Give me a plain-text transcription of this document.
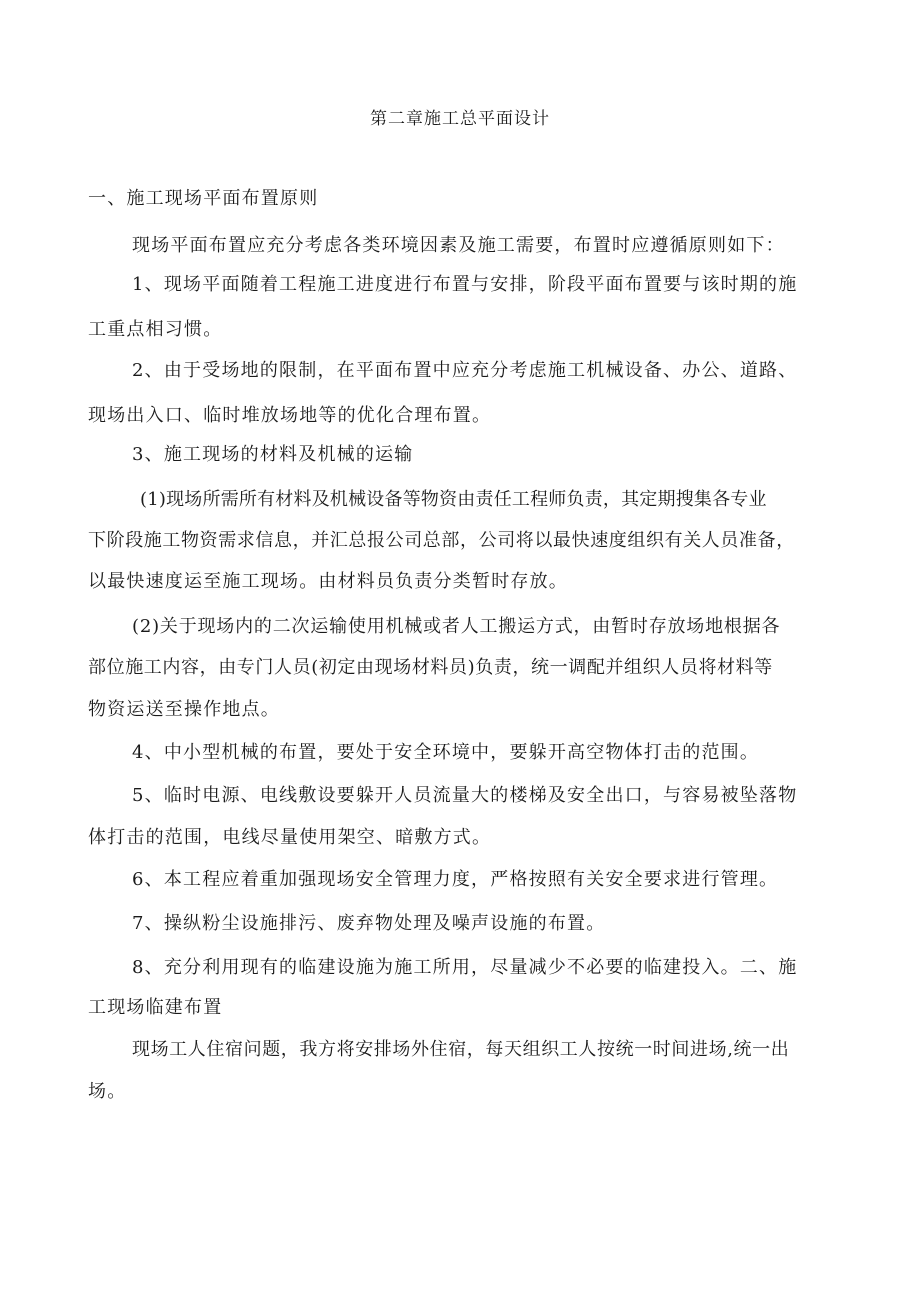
第二章施工总平面设计
一、施工现场平面布置原则
现场平面布置应充分考虑各类环境因素及施工需要，布置时应遵循原则如下：
1、现场平面随着工程施工进度进行布置与安排，阶段平面布置要与该时期的施
工重点相习惯。
2、由于受场地的限制，在平面布置中应充分考虑施工机械设备、办公、道路、
现场出入口、临时堆放场地等的优化合理布置。
3、施工现场的材料及机械的运输
(1)现场所需所有材料及机械设备等物资由责任工程师负责，其定期搜集各专业
下阶段施工物资需求信息，并汇总报公司总部，公司将以最快速度组织有关人员准备，
以最快速度运至施工现场。由材料员负责分类暂时存放。
(2)关于现场内的二次运输使用机械或者人工搬运方式，由暂时存放场地根据各
部位施工内容，由专门人员(初定由现场材料员)负责，统一调配并组织人员将材料等
物资运送至操作地点。
4、中小型机械的布置，要处于安全环境中，要躲开高空物体打击的范围。
5、临时电源、电线敷设要躲开人员流量大的楼梯及安全出口，与容易被坠落物
体打击的范围，电线尽量使用架空、暗敷方式。
6、本工程应着重加强现场安全管理力度，严格按照有关安全要求进行管理。
7、操纵粉尘设施排污、废弃物处理及噪声设施的布置。
8、充分利用现有的临建设施为施工所用，尽量减少不必要的临建投入。二、施
工现场临建布置
现场工人住宿问题，我方将安排场外住宿，每天组织工人按统一时间进场,统一出
场。
